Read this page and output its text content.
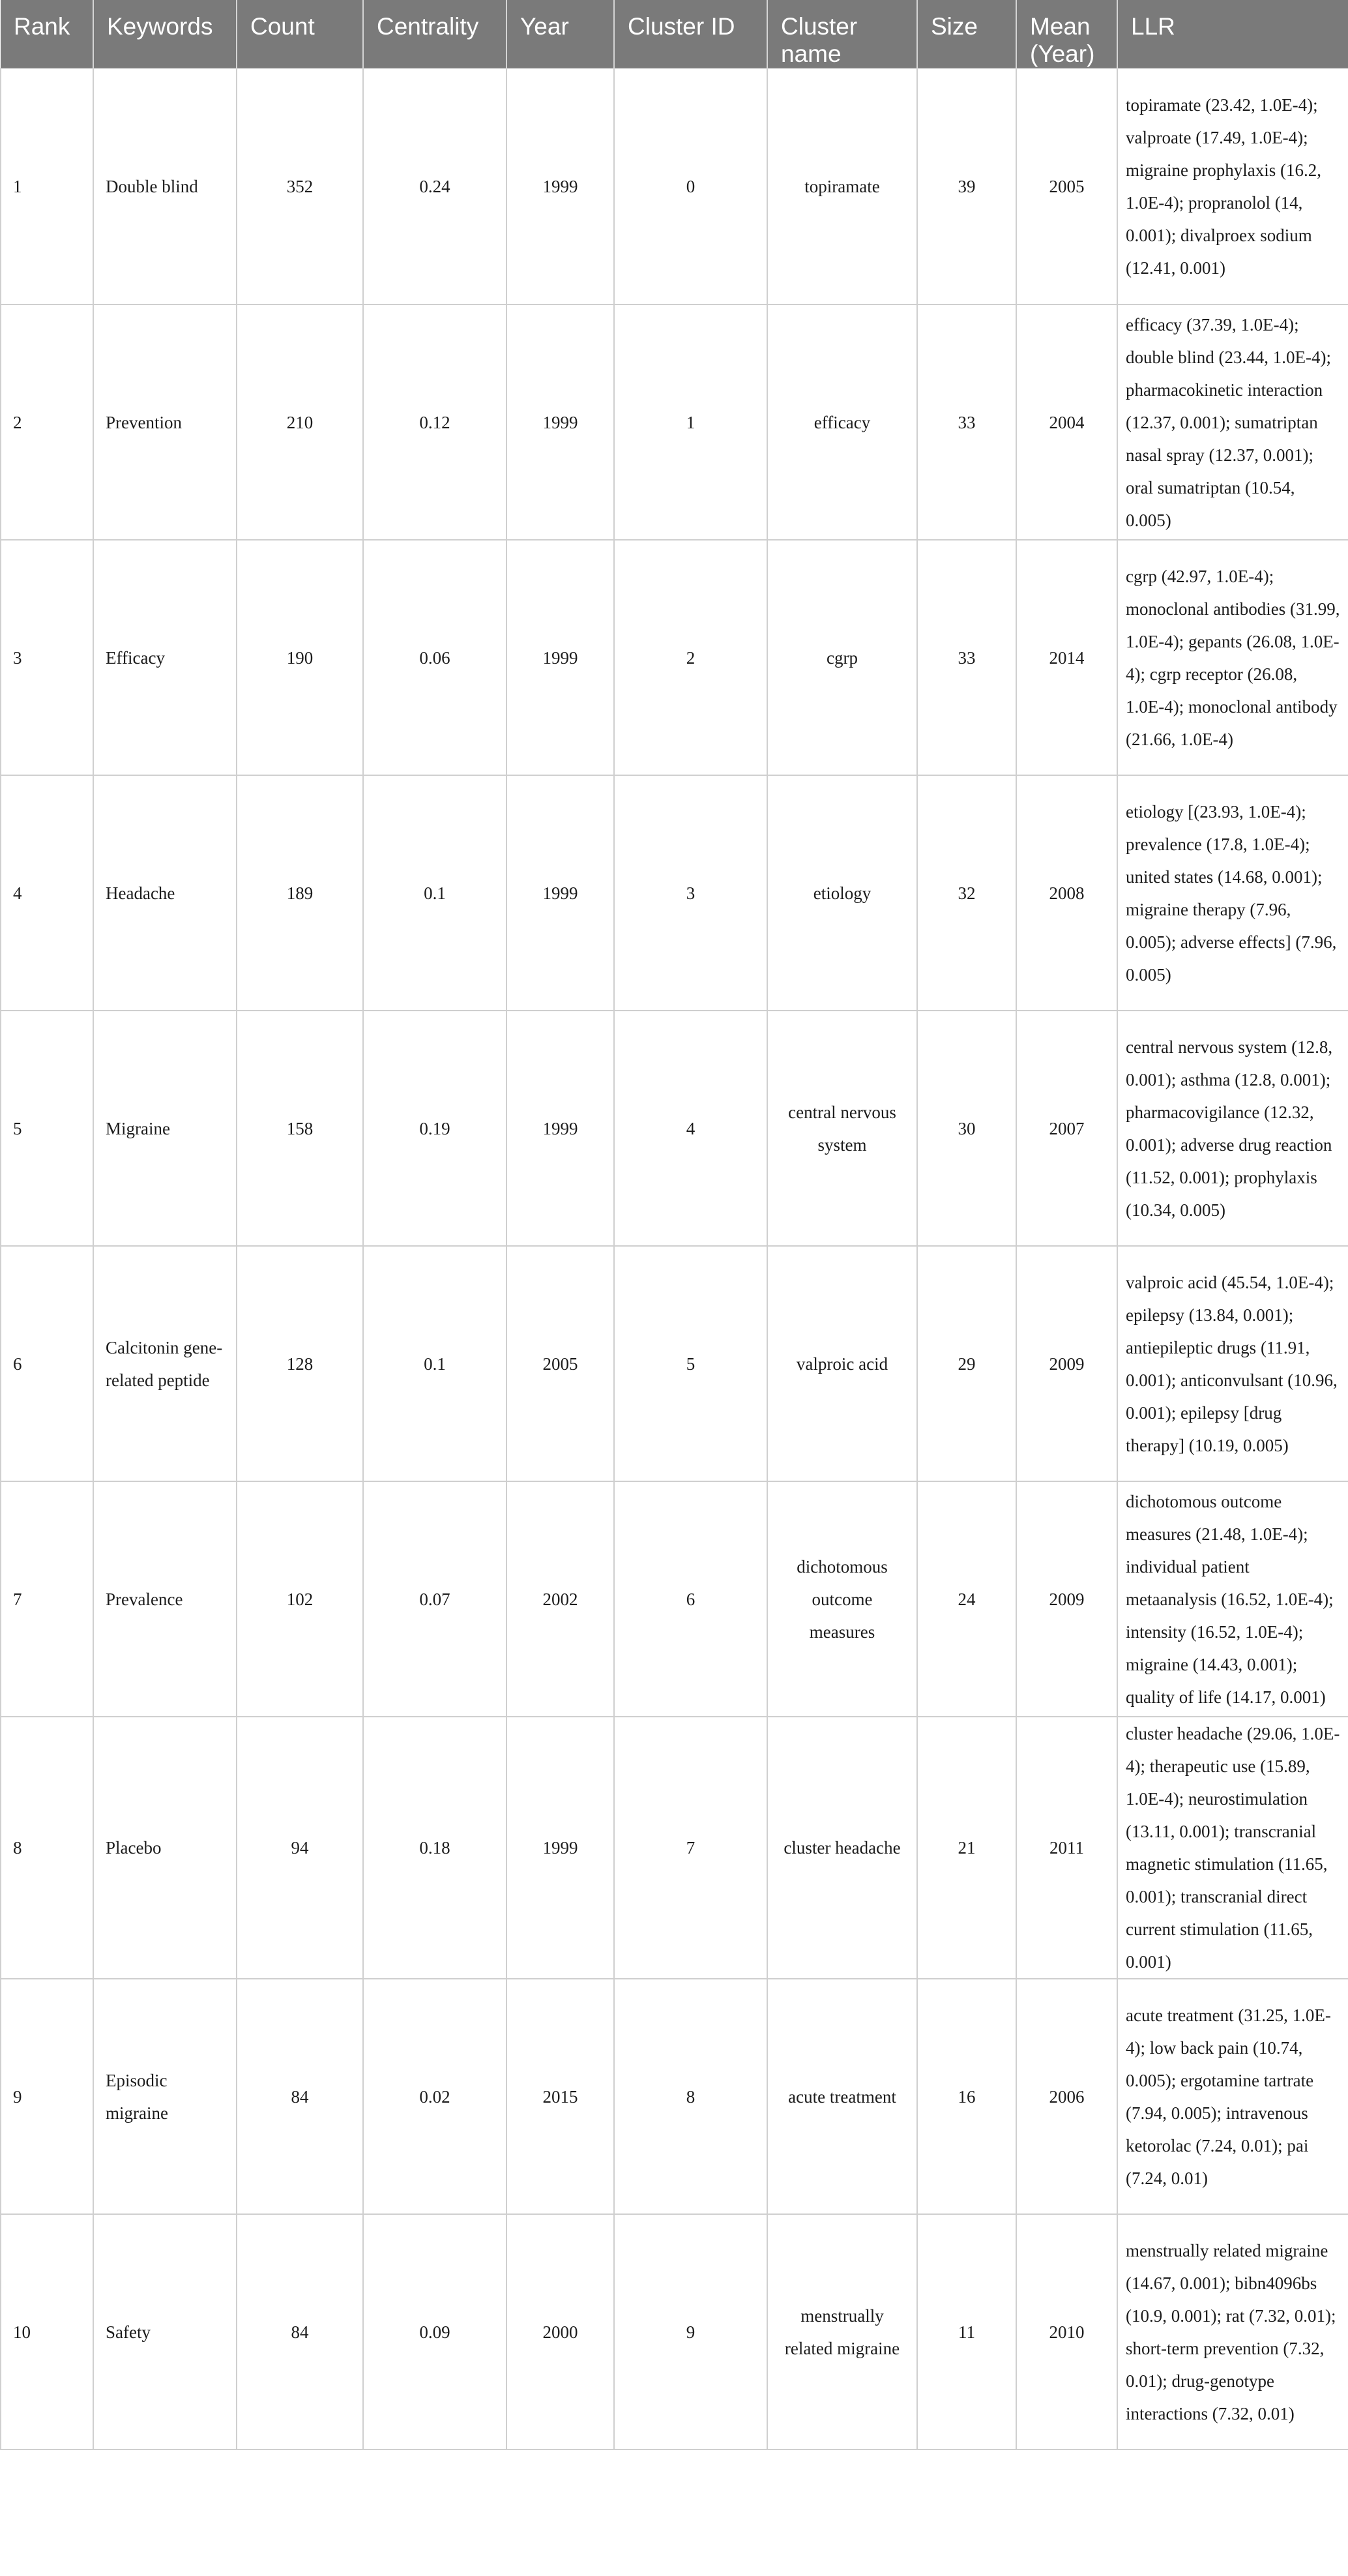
Rank	Keywords	Count	Centrality	Year	Cluster ID	Cluster name	Size	Mean (Year)	LLR
1	Double blind	352	0.24	1999	0	topiramate	39	2005	topiramate (23.42, 1.0E-4); valproate (17.49, 1.0E-4); migraine prophylaxis (16.2, 1.0E-4); propranolol (14, 0.001); divalproex sodium (12.41, 0.001)
2	Prevention	210	0.12	1999	1	efficacy	33	2004	efficacy (37.39, 1.0E-4); double blind (23.44, 1.0E-4); pharmacokinetic interaction (12.37, 0.001); sumatriptan nasal spray (12.37, 0.001); oral sumatriptan (10.54, 0.005)
3	Efficacy	190	0.06	1999	2	cgrp	33	2014	cgrp (42.97, 1.0E-4); monoclonal antibodies (31.99, 1.0E-4); gepants (26.08, 1.0E-4); cgrp receptor (26.08, 1.0E-4); monoclonal antibody (21.66, 1.0E-4)
4	Headache	189	0.1	1999	3	etiology	32	2008	etiology [(23.93, 1.0E-4); prevalence (17.8, 1.0E-4); united states (14.68, 0.001); migraine therapy (7.96, 0.005); adverse effects] (7.96, 0.005)
5	Migraine	158	0.19	1999	4	central nervous system	30	2007	central nervous system (12.8, 0.001); asthma (12.8, 0.001); pharmacovigilance (12.32, 0.001); adverse drug reaction (11.52, 0.001); prophylaxis (10.34, 0.005)
6	Calcitonin gene-related peptide	128	0.1	2005	5	valproic acid	29	2009	valproic acid (45.54, 1.0E-4); epilepsy (13.84, 0.001); antiepileptic drugs (11.91, 0.001); anticonvulsant (10.96, 0.001); epilepsy [drug therapy] (10.19, 0.005)
7	Prevalence	102	0.07	2002	6	dichotomous outcome measures	24	2009	dichotomous outcome measures (21.48, 1.0E-4); individual patient metaanalysis (16.52, 1.0E-4); intensity (16.52, 1.0E-4); migraine (14.43, 0.001); quality of life (14.17, 0.001)
8	Placebo	94	0.18	1999	7	cluster headache	21	2011	cluster headache (29.06, 1.0E-4); therapeutic use (15.89, 1.0E-4); neurostimulation (13.11, 0.001); transcranial magnetic stimulation (11.65, 0.001); transcranial direct current stimulation (11.65, 0.001)
9	Episodic migraine	84	0.02	2015	8	acute treatment	16	2006	acute treatment (31.25, 1.0E-4); low back pain (10.74, 0.005); ergotamine tartrate (7.94, 0.005); intravenous ketorolac (7.24, 0.01); pai (7.24, 0.01)
10	Safety	84	0.09	2000	9	menstrually related migraine	11	2010	menstrually related migraine (14.67, 0.001); bibn4096bs (10.9, 0.001); rat (7.32, 0.01); short-term prevention (7.32, 0.01); drug-genotype interactions (7.32, 0.01)
